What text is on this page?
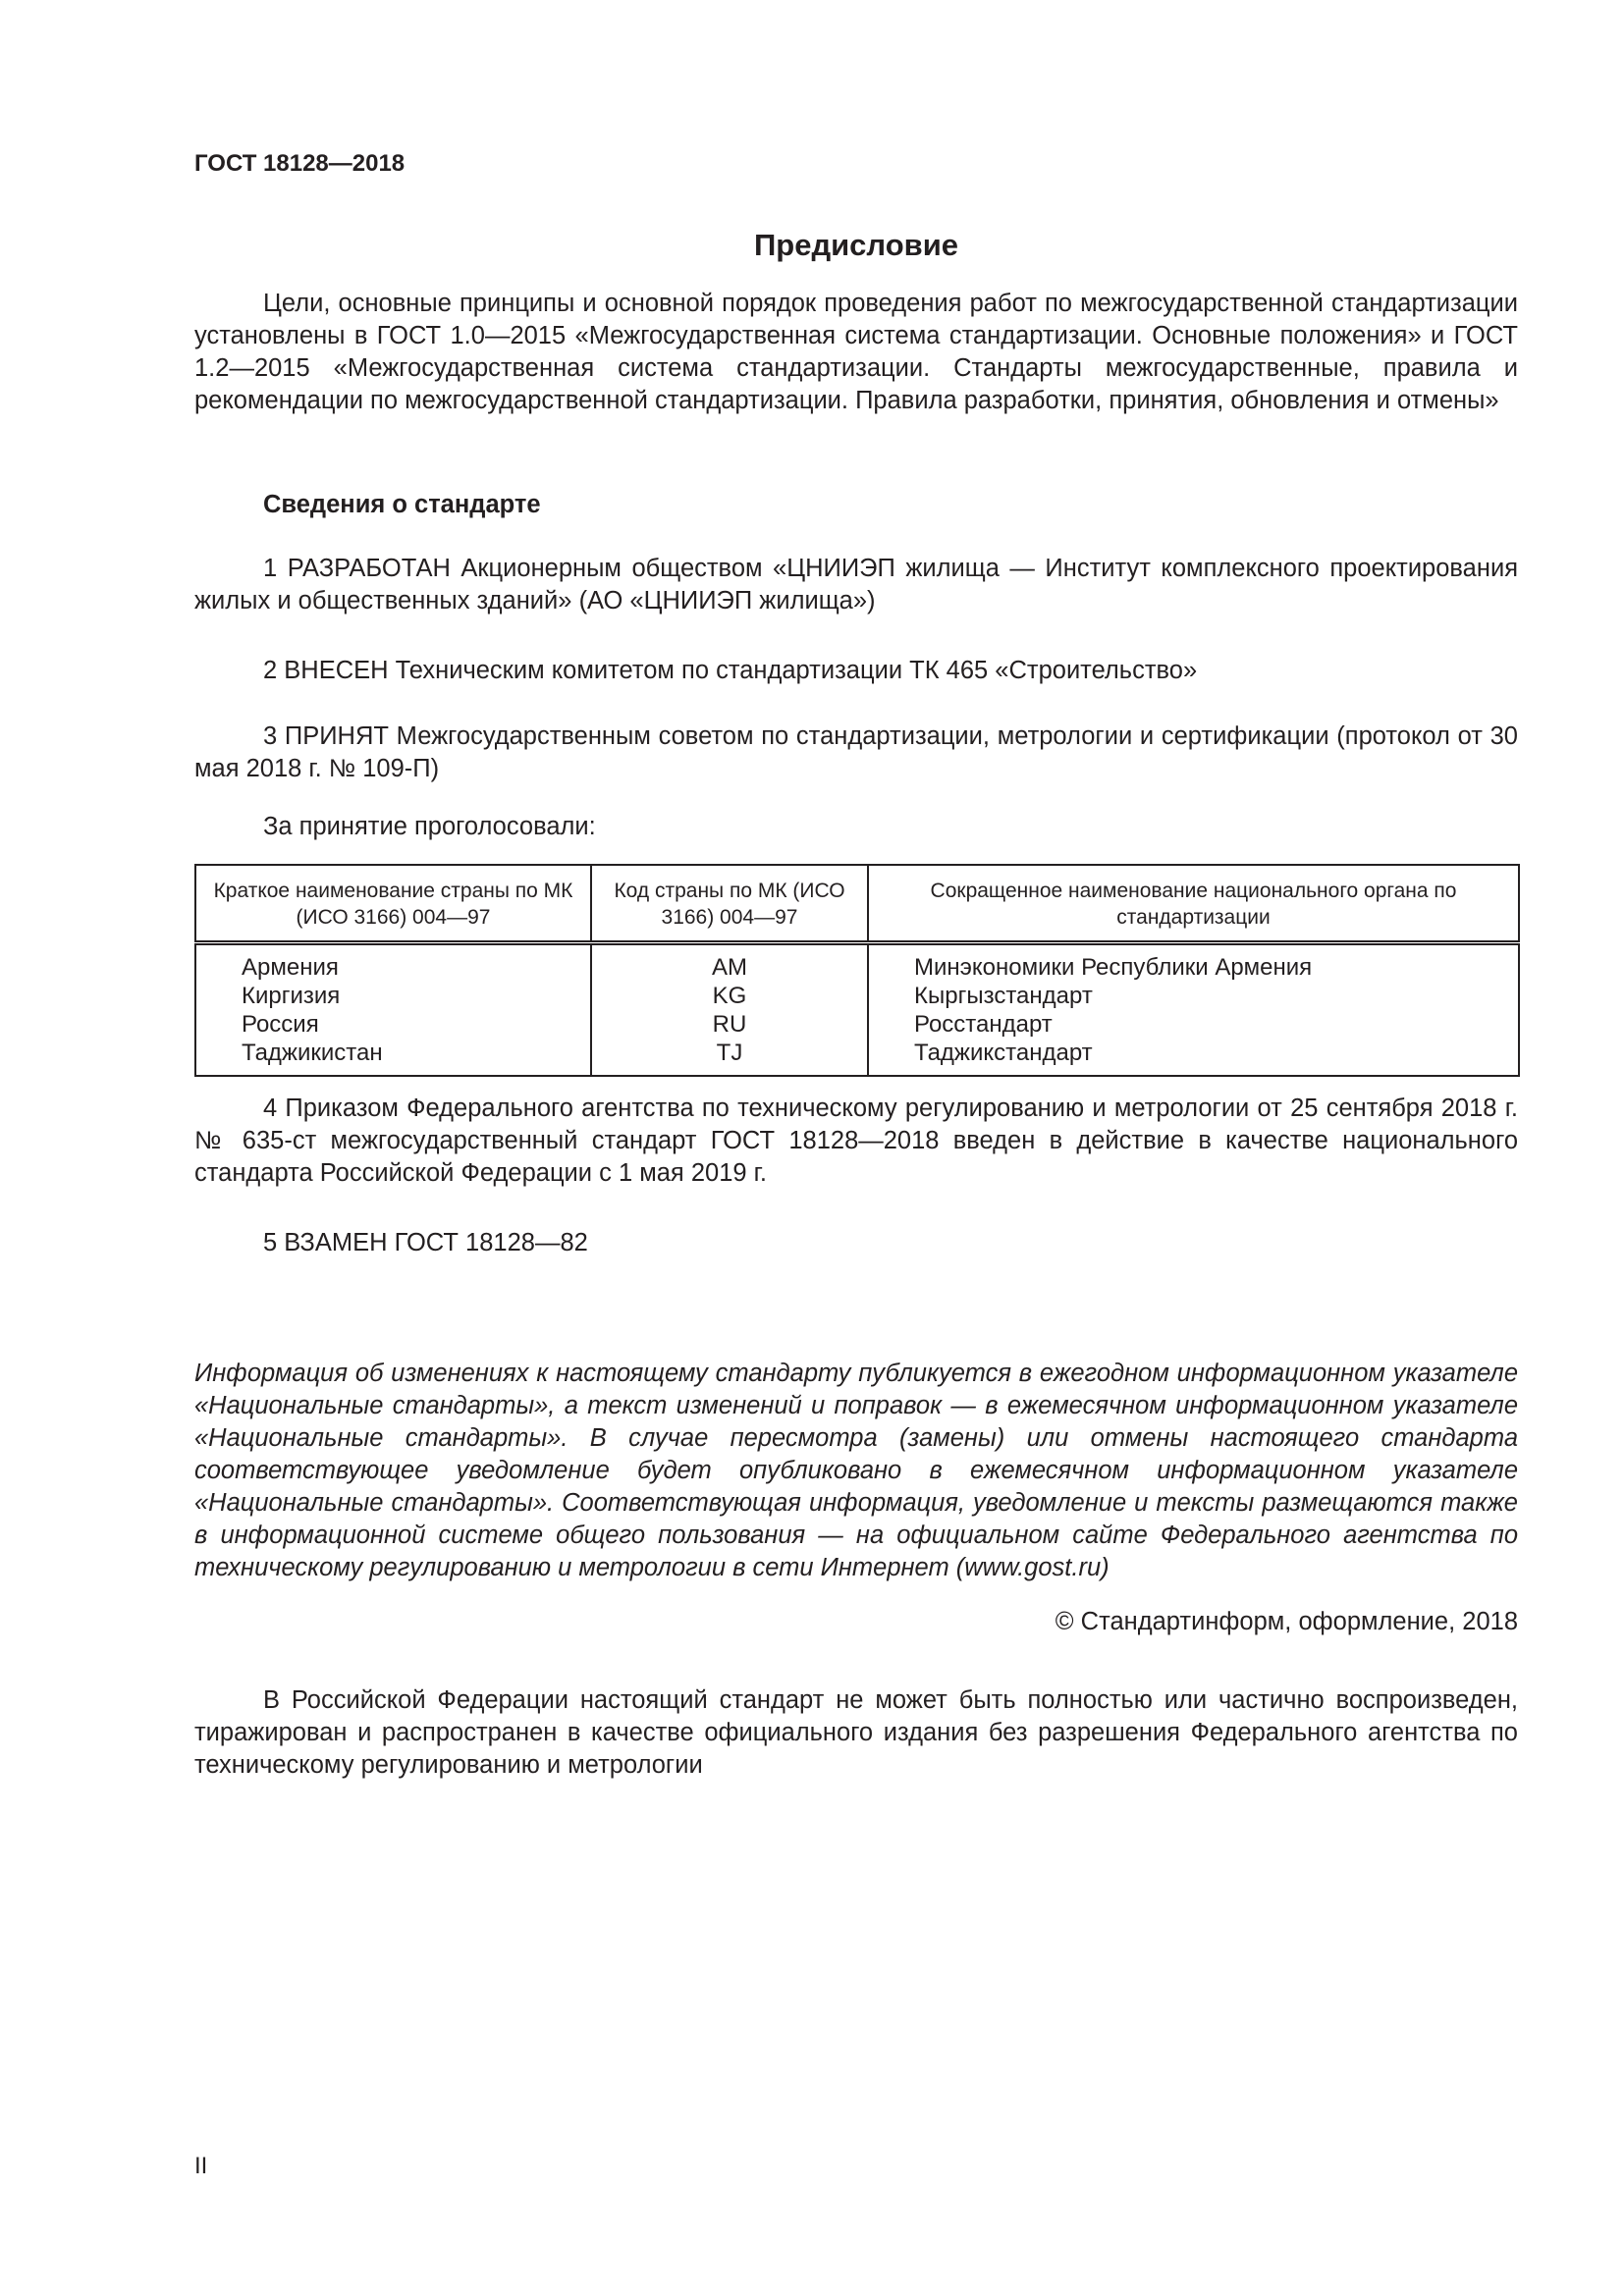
ГОСТ 18128—2018
Предисловие

Цели, основные принципы и основной порядок проведения работ по межгосударственной стандартизации установлены в ГОСТ 1.0—2015 «Межгосударственная система стандартизации. Основные положения» и ГОСТ 1.2—2015 «Межгосударственная система стандартизации. Стандарты межгосударственные, правила и рекомендации по межгосударственной стандартизации. Правила разработки, принятия, обновления и отмены»

Сведения о стандарте

1 РАЗРАБОТАН Акционерным обществом «ЦНИИЭП жилища — Институт комплексного проектирования жилых и общественных зданий» (АО «ЦНИИЭП жилища»)

2 ВНЕСЕН Техническим комитетом по стандартизации ТК 465 «Строительство»

3 ПРИНЯТ Межгосударственным советом по стандартизации, метрологии и сертификации (протокол от 30 мая 2018 г. № 109-П)

За принятие проголосовали:
Краткое наименование страны по МК (ИСО 3166) 004—97	Код страны по МК (ИСО 3166) 004—97	Сокращенное наименование национального органа по стандартизации
Армения	AM	Минэкономики Республики Армения
Киргизия	KG	Кыргызстандарт
Россия	RU	Росстандарт
Таджикистан	TJ	Таджикстандарт

4 Приказом Федерального агентства по техническому регулированию и метрологии от 25 сентября 2018 г. № 635-ст межгосударственный стандарт ГОСТ 18128—2018 введен в действие в качестве национального стандарта Российской Федерации с 1 мая 2019 г.

5 ВЗАМЕН ГОСТ 18128—82

Информация об изменениях к настоящему стандарту публикуется в ежегодном информационном указателе «Национальные стандарты», а текст изменений и поправок — в ежемесячном информационном указателе «Национальные стандарты». В случае пересмотра (замены) или отмены настоящего стандарта соответствующее уведомление будет опубликовано в ежемесячном информационном указателе «Национальные стандарты». Соответствующая информация, уведомление и тексты размещаются также в информационной системе общего пользования — на официальном сайте Федерального агентства по техническому регулированию и метрологии в сети Интернет (www.gost.ru)

© Стандартинформ, оформление, 2018

В Российской Федерации настоящий стандарт не может быть полностью или частично воспроизведен, тиражирован и распространен в качестве официального издания без разрешения Федерального агентства по техническому регулированию и метрологии

II
